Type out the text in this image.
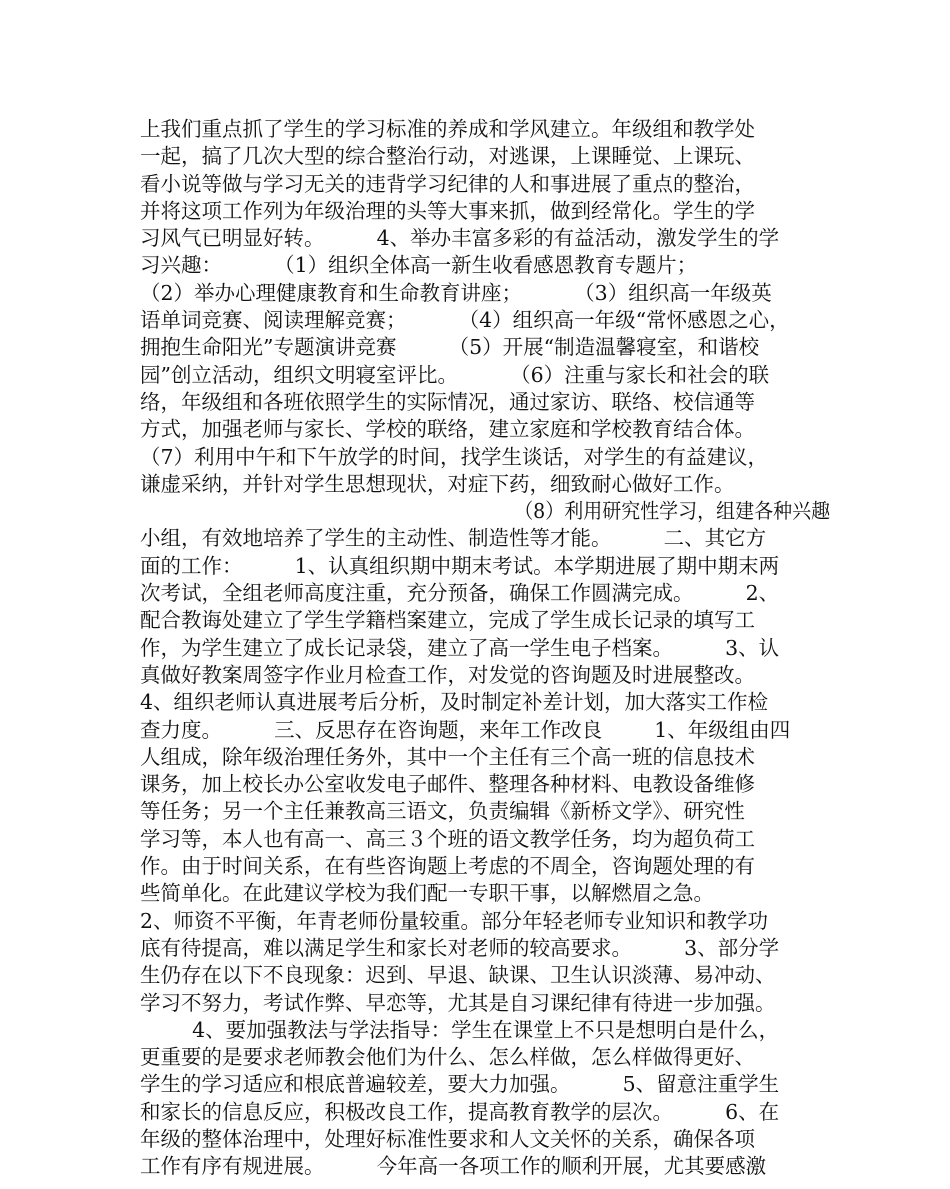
上我们重点抓了学生的学习标准的养成和学风建立。年级组和教学处
一起，搞了几次大型的综合整治行动，对逃课，上课睡觉、上课玩、
看小说等做与学习无关的违背学习纪律的人和事进展了重点的整治，
并将这项工作列为年级治理的头等大事来抓，做到经常化。学生的学
习风气已明显好转。        4、举办丰富多彩的有益活动，激发学生的学
习兴趣：        （1）组织全体高一新生收看感恩教育专题片；
（2）举办心理健康教育和生命教育讲座；        （3）组织高一年级英
语单词竞赛、阅读理解竞赛；        （4）组织高一年级“常怀感恩之心，
拥抱生命阳光”专题演讲竞赛        （5）开展“制造温馨寝室，和谐校
园”创立活动，组织文明寝室评比。        （6）注重与家长和社会的联
络，年级组和各班依照学生的实际情况，通过家访、联络、校信通等
方式，加强老师与家长、学校的联络，建立家庭和学校教育结合体。
（7）利用中午和下午放学的时间，找学生谈话，对学生的有益建议，
谦虚采纳，并针对学生思想现状，对症下药，细致耐心做好工作。
（8）利用研究性学习，组建各种兴趣
小组，有效地培养了学生的主动性、制造性等才能。        二、其它方
面的工作：        1、认真组织期中期末考试。本学期进展了期中期末两
次考试，全组老师高度注重，充分预备，确保工作圆满完成。        2、
配合教诲处建立了学生学籍档案建立，完成了学生成长记录的填写工
作，为学生建立了成长记录袋，建立了高一学生电子档案。        3、认
真做好教案周签字作业月检查工作，对发觉的咨询题及时进展整改。
4、组织老师认真进展考后分析，及时制定补差计划，加大落实工作检
查力度。        三、反思存在咨询题，来年工作改良        1、年级组由四
人组成，除年级治理任务外，其中一个主任有三个高一班的信息技术
课务，加上校长办公室收发电子邮件、整理各种材料、电教设备维修
等任务；另一个主任兼教高三语文，负责编辑《新桥文学》、研究性
学习等，本人也有高一、高三３个班的语文教学任务，均为超负荷工
作。由于时间关系，在有些咨询题上考虑的不周全，咨询题处理的有
些简单化。在此建议学校为我们配一专职干事，以解燃眉之急。
2、师资不平衡，年青老师份量较重。部分年轻老师专业知识和教学功
底有待提高，难以满足学生和家长对老师的较高要求。        3、部分学
生仍存在以下不良现象：迟到、早退、缺课、卫生认识淡薄、易冲动、
学习不努力，考试作弊、早恋等，尤其是自习课纪律有待进一步加强。
4、要加强教法与学法指导：学生在课堂上不只是想明白是什么，
更重要的是要求老师教会他们为什么、怎么样做，怎么样做得更好、
学生的学习适应和根底普遍较差，要大力加强。        5、留意注重学生
和家长的信息反应，积极改良工作，提高教育教学的层次。        6、在
年级的整体治理中，处理好标准性要求和人文关怀的关系，确保各项
工作有序有规进展。        今年高一各项工作的顺利开展，尤其要感激
